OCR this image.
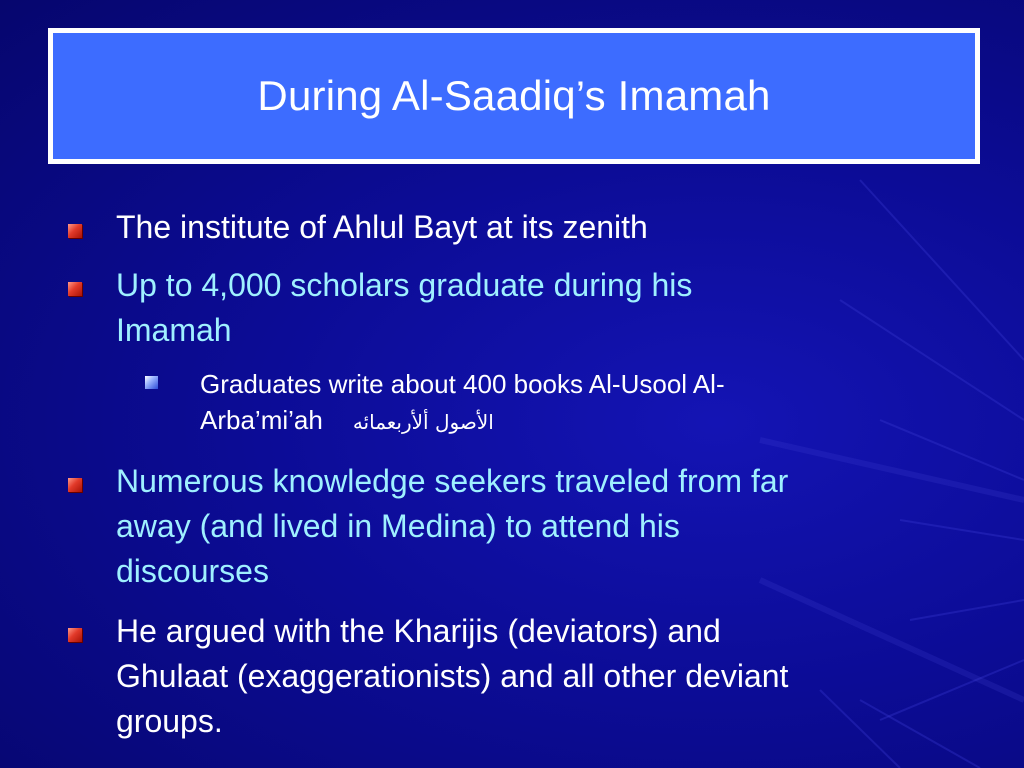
During Al-Saadiq’s Imamah
The institute of Ahlul Bayt at its zenith
Up to 4,000 scholars graduate during his
Imamah
Graduates write about 400 books Al-Usool Al-
Arba’mi’ah الأصول ألأربعمائه
Numerous knowledge seekers traveled from far
away (and lived in Medina) to attend his
discourses
He argued with the Kharijis (deviators) and
Ghulaat (exaggerationists) and all other deviant
groups.
